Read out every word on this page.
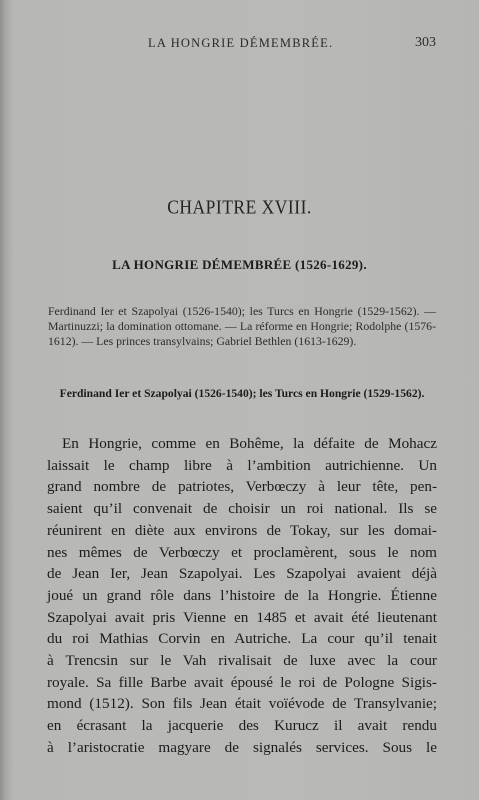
LA HONGRIE DÉMEMBRÉE.	303
CHAPITRE XVIII.
LA HONGRIE DÉMEMBRÉE (1526-1629).
Ferdinand Ier et Szapolyai (1526-1540); les Turcs en Hongrie (1529-1562). — Martinuzzi; la domination ottomane. — La réforme en Hongrie; Rodolphe (1576-1612). — Les princes transylvains; Gabriel Bethlen (1613-1629).
Ferdinand Ier et Szapolyai (1526-1540); les Turcs en Hongrie (1529-1562).
En Hongrie, comme en Bohême, la défaite de Mohacz
laissait le champ libre à l’ambition autrichienne. Un
grand nombre de patriotes, Verbœczy à leur tête, pen-
saient qu’il convenait de choisir un roi national. Ils se
réunirent en diète aux environs de Tokay, sur les domai-
nes mêmes de Verbœczy et proclamèrent, sous le nom
de Jean Ier, Jean Szapolyai. Les Szapolyai avaient déjà
joué un grand rôle dans l’histoire de la Hongrie. Étienne
Szapolyai avait pris Vienne en 1485 et avait été lieutenant
du roi Mathias Corvin en Autriche. La cour qu’il tenait
à Trencsin sur le Vah rivalisait de luxe avec la cour
royale. Sa fille Barbe avait épousé le roi de Pologne Sigis-
mond (1512). Son fils Jean était voïévode de Transylvanie;
en écrasant la jacquerie des Kurucz il avait rendu
à l’aristocratie magyare de signalés services. Sous le
